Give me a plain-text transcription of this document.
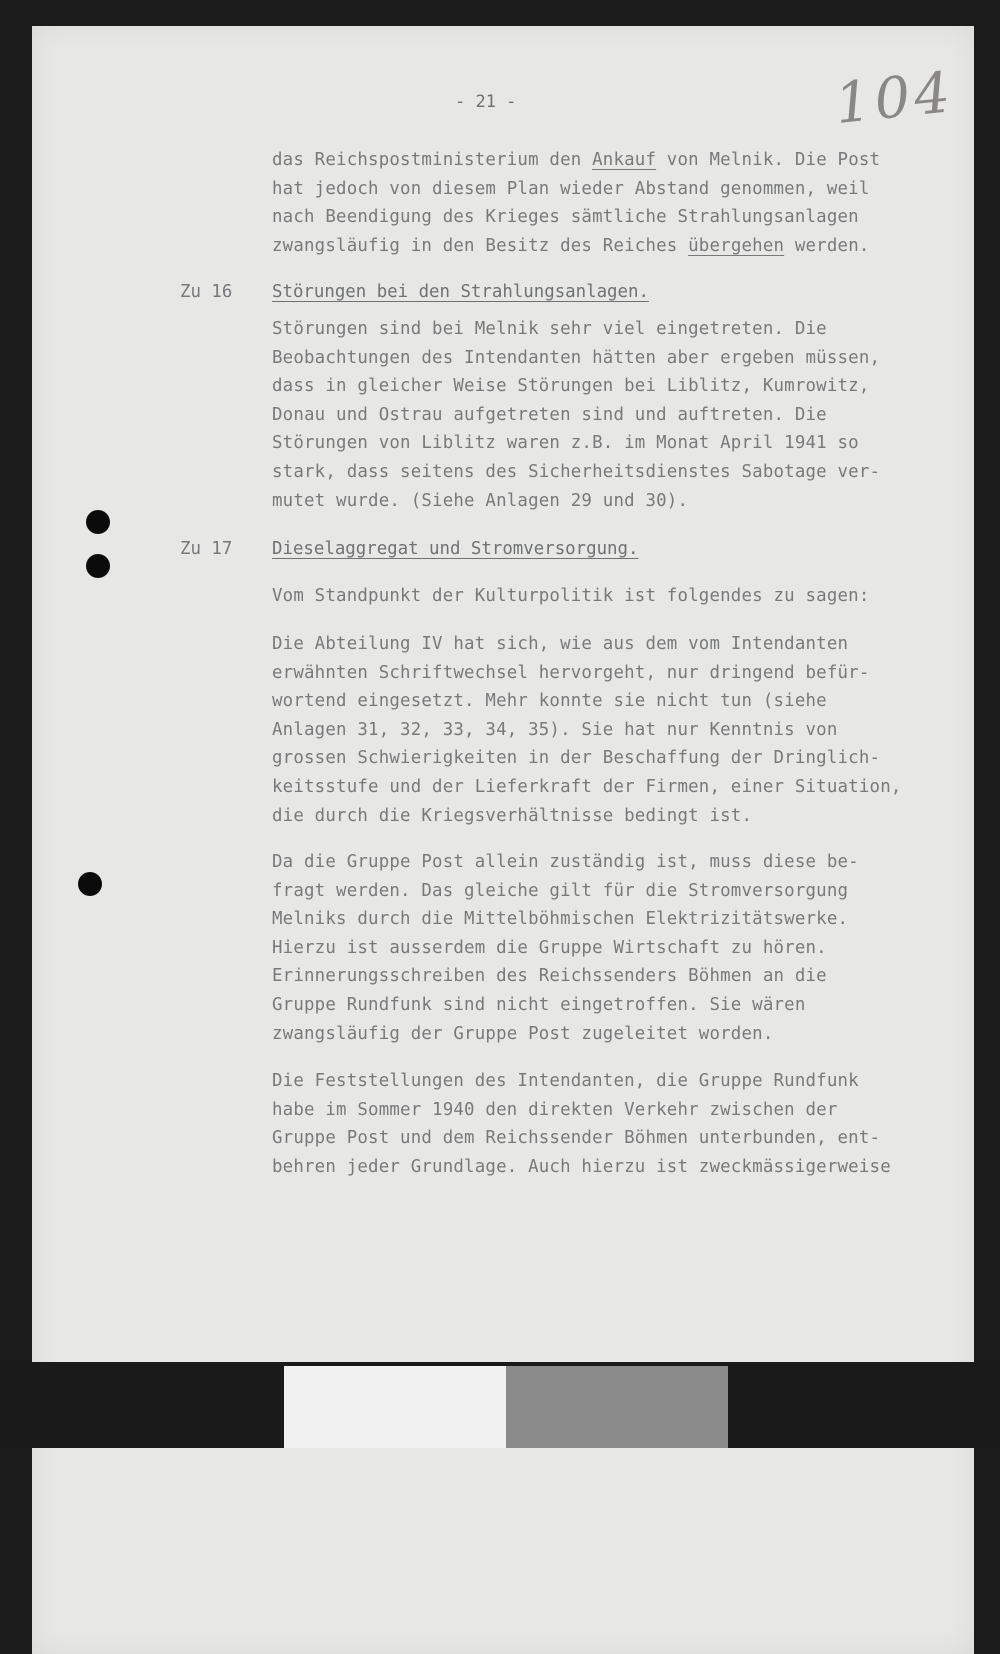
- 21 -	104
das Reichspostministerium den Ankauf von Melnik. Die Post
hat jedoch von diesem Plan wieder Abstand genommen, weil
nach Beendigung des Krieges sämtliche Strahlungsanlagen
zwangsläufig in den Besitz des Reiches übergehen werden.
Zu 16 Störungen bei den Strahlungsanlagen.
Störungen sind bei Melnik sehr viel eingetreten. Die
Beobachtungen des Intendanten hätten aber ergeben müssen,
dass in gleicher Weise Störungen bei Liblitz, Kumrowitz,
Donau und Ostrau aufgetreten sind und auftreten. Die
Störungen von Liblitz waren z.B. im Monat April 1941 so
stark, dass seitens des Sicherheitsdienstes Sabotage ver-
mutet wurde. (Siehe Anlagen 29 und 30).
Zu 17 Dieselaggregat und Stromversorgung.
Vom Standpunkt der Kulturpolitik ist folgendes zu sagen:
Die Abteilung IV hat sich, wie aus dem vom Intendanten
erwähnten Schriftwechsel hervorgeht, nur dringend befür-
wortend eingesetzt. Mehr konnte sie nicht tun (siehe
Anlagen 31, 32, 33, 34, 35). Sie hat nur Kenntnis von
grossen Schwierigkeiten in der Beschaffung der Dringlich-
keitsstufe und der Lieferkraft der Firmen, einer Situation,
die durch die Kriegsverhältnisse bedingt ist.
Da die Gruppe Post allein zuständig ist, muss diese be-
fragt werden. Das gleiche gilt für die Stromversorgung
Melniks durch die Mittelböhmischen Elektrizitätswerke.
Hierzu ist ausserdem die Gruppe Wirtschaft zu hören.
Erinnerungsschreiben des Reichssenders Böhmen an die
Gruppe Rundfunk sind nicht eingetroffen. Sie wären
zwangsläufig der Gruppe Post zugeleitet worden.
Die Feststellungen des Intendanten, die Gruppe Rundfunk
habe im Sommer 1940 den direkten Verkehr zwischen der
Gruppe Post und dem Reichssender Böhmen unterbunden, ent-
behren jeder Grundlage. Auch hierzu ist zweckmässigerweise
